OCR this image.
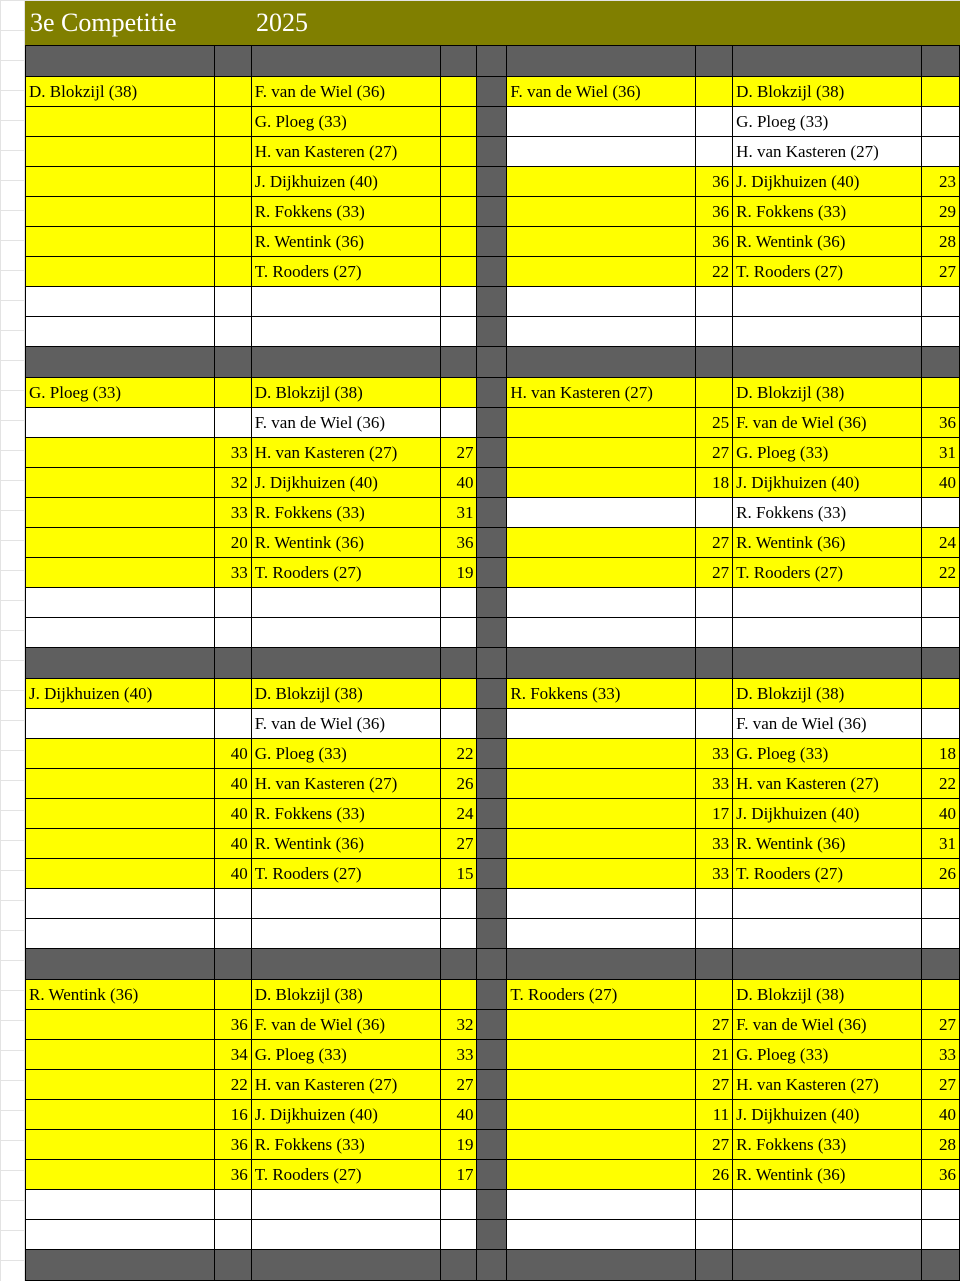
3e Competitie	2025

D. Blokzijl (38)		F. van de Wiel (36)			F. van de Wiel (36)		D. Blokzijl (38)	
		G. Ploeg (33)					G. Ploeg (33)	
		H. van Kasteren (27)					H. van Kasteren (27)	
		J. Dijkhuizen (40)				36	J. Dijkhuizen (40)	23
		R. Fokkens (33)				36	R. Fokkens (33)	29
		R. Wentink (36)				36	R. Wentink (36)	28
		T. Rooders (27)				22	T. Rooders (27)	27

G. Ploeg (33)		D. Blokzijl (38)			H. van Kasteren (27)		D. Blokzijl (38)	
		F. van de Wiel (36)				25	F. van de Wiel (36)	36
	33	H. van Kasteren (27)	27			27	G. Ploeg (33)	31
	32	J. Dijkhuizen (40)	40			18	J. Dijkhuizen (40)	40
	33	R. Fokkens (33)	31				R. Fokkens (33)	
	20	R. Wentink (36)	36			27	R. Wentink (36)	24
	33	T. Rooders (27)	19			27	T. Rooders (27)	22

J. Dijkhuizen (40)		D. Blokzijl (38)			R. Fokkens (33)		D. Blokzijl (38)	
		F. van de Wiel (36)					F. van de Wiel (36)	
	40	G. Ploeg (33)	22			33	G. Ploeg (33)	18
	40	H. van Kasteren (27)	26			33	H. van Kasteren (27)	22
	40	R. Fokkens (33)	24			17	J. Dijkhuizen (40)	40
	40	R. Wentink (36)	27			33	R. Wentink (36)	31
	40	T. Rooders (27)	15			33	T. Rooders (27)	26

R. Wentink (36)		D. Blokzijl (38)			T. Rooders (27)		D. Blokzijl (38)	
	36	F. van de Wiel (36)	32			27	F. van de Wiel (36)	27
	34	G. Ploeg (33)	33			21	G. Ploeg (33)	33
	22	H. van Kasteren (27)	27			27	H. van Kasteren (27)	27
	16	J. Dijkhuizen (40)	40			11	J. Dijkhuizen (40)	40
	36	R. Fokkens (33)	19			27	R. Fokkens (33)	28
	36	T. Rooders (27)	17			26	R. Wentink (36)	36
